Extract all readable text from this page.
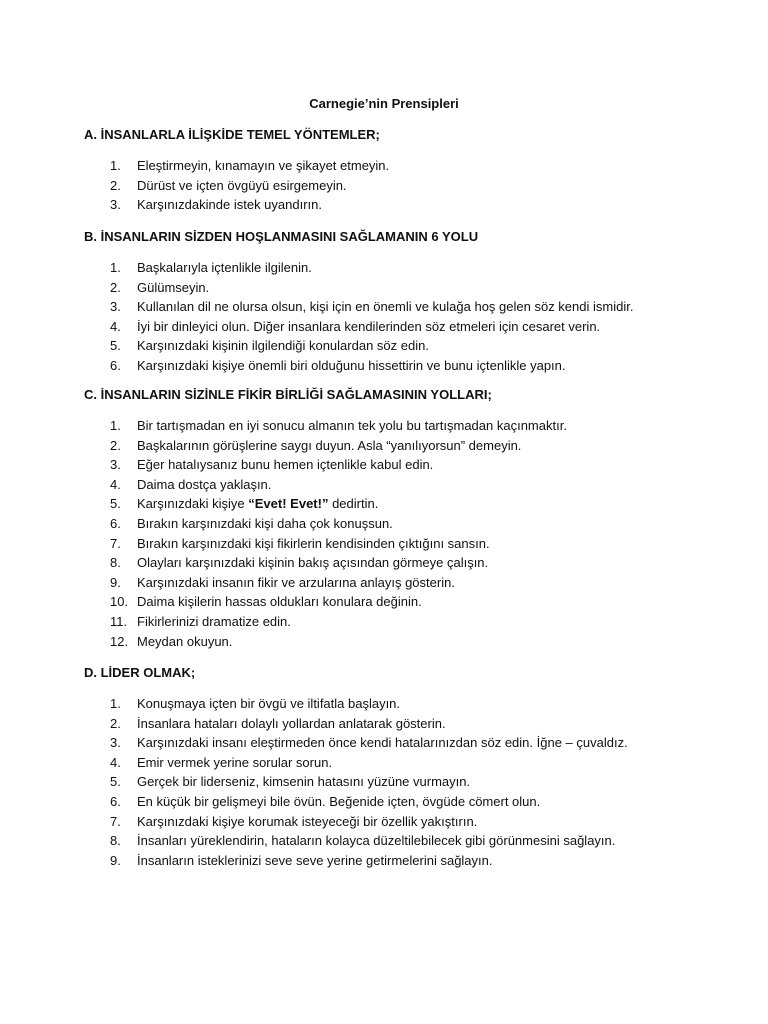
Carnegie’nin Prensipleri
A. İNSANLARLA İLİŞKİDE TEMEL YÖNTEMLER;
1. Eleştirmeyin, kınamayın ve şikayet etmeyin.
2. Dürüst ve içten övgüyü esirgemeyin.
3. Karşınızdakinde istek uyandırın.
B. İNSANLARIN SİZDEN HOŞLANMASINI SAĞLAMANIN 6 YOLU
1. Başkalarıyla içtenlikle ilgilenin.
2. Gülümseyin.
3. Kullanılan dil ne olursa olsun, kişi için en önemli ve kulağa hoş gelen söz kendi ismidir.
4. İyi bir dinleyici olun. Diğer insanlara kendilerinden söz etmeleri için cesaret verin.
5. Karşınızdaki kişinin ilgilendiği konulardan söz edin.
6. Karşınızdaki kişiye önemli biri olduğunu hissettirin ve bunu içtenlikle yapın.
C. İNSANLARIN SİZİNLE FİKİR BİRLİĞİ SAĞLAMASININ YOLLARI;
1. Bir tartışmadan en iyi sonucu almanın tek yolu bu tartışmadan kaçınmaktır.
2. Başkalarının görüşlerine saygı duyun. Asla “yanılıyorsun” demeyin.
3. Eğer hatalıysanız bunu hemen içtenlikle kabul edin.
4. Daima dostça yaklaşın.
5. Karşınızdaki kişiye “Evet! Evet!” dedirtin.
6. Bırakın karşınızdaki kişi daha çok konuşsun.
7. Bırakın karşınızdaki kişi fikirlerin kendisinden çıktığını sansın.
8. Olayları karşınızdaki kişinin bakış açısından görmeye çalışın.
9. Karşınızdaki insanın fikir ve arzularına anlayış gösterin.
10. Daima kişilerin hassas oldukları konulara değinin.
11. Fikirlerinizi dramatize edin.
12. Meydan okuyun.
D. LİDER OLMAK;
1. Konuşmaya içten bir övgü ve iltifatla başlayın.
2. İnsanlara hataları dolaylı yollardan anlatarak gösterin.
3. Karşınızdaki insanı eleştirmeden önce kendi hatalarınızdan söz edin. İğne – çuvaldız.
4. Emir vermek yerine sorular sorun.
5. Gerçek bir liderseniz, kimsenin hatasını yüzüne vurmayın.
6. En küçük bir gelişmeyi bile övün. Beğenide içten, övgüde cömert olun.
7. Karşınızdaki kişiye korumak isteyeceği bir özellik yakıştırın.
8. İnsanları yüreklendirin, hataların kolayca düzeltilebilecek gibi görünmesini sağlayın.
9. İnsanların isteklerinizi seve seve yerine getirmelerini sağlayın.
